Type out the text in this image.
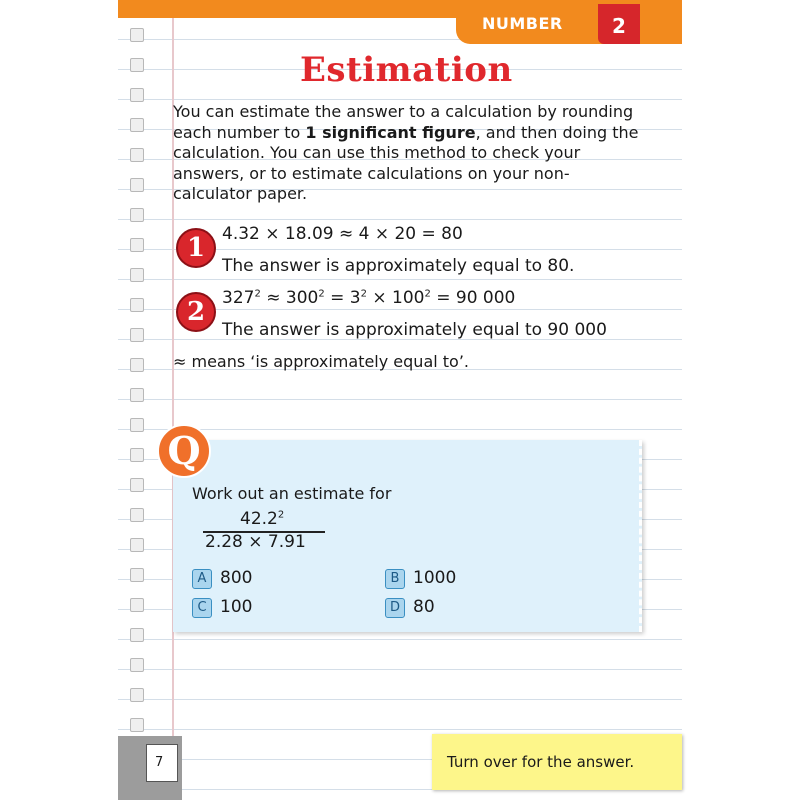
NUMBER	2
Estimation
You can estimate the answer to a calculation by rounding each number to 1 significant figure, and then doing the calculation. You can use this method to check your answers, or to estimate calculations on your non-calculator paper.
1 4.32 × 18.09 ≈ 4 × 20 = 80
The answer is approximately equal to 80.
2 $327^2 \approx 300^2 = 3^2 \times 100^2 = 90$ 000
The answer is approximately equal to 90 000
≈ means ‘is approximately equal to’.
Q
Work out an estimate for
42.2$^2$
2.28 × 7.91
A 800	B 1000
C 100	D 80
7	Turn over for the answer.
